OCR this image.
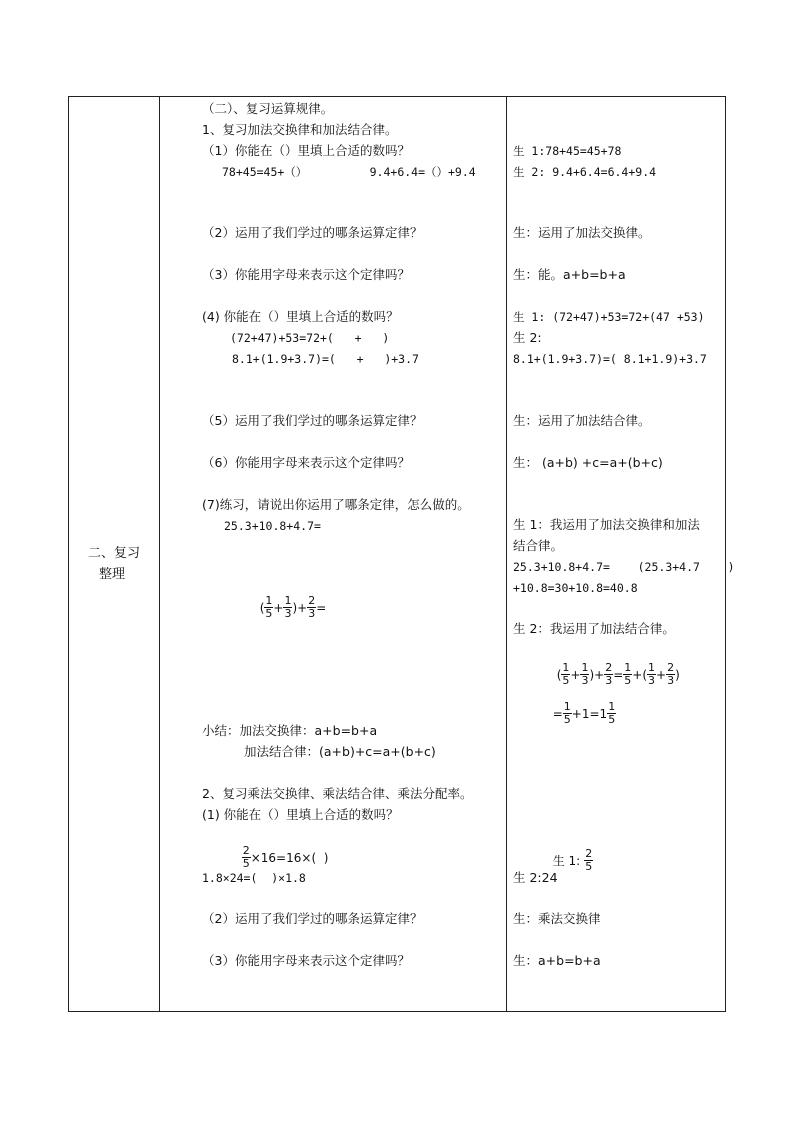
二、复习
整理

（二）、复习运算规律。
1、复习加法交换律和加法结合律。
（1）你能在（）里填上合适的数吗？
78+45=45+（）         9.4+6.4=（）+9.4
（2）运用了我们学过的哪条运算定律？
（3）你能用字母来表示这个定律吗？
(4) 你能在（）里填上合适的数吗？
(72+47)+53=72+(   +   )
8.1+(1.9+3.7)=(   +   )+3.7
（5）运用了我们学过的哪条运算定律？
（6）你能用字母来表示这个定律吗？
(7)练习，请说出你运用了哪条定律，怎么做的。
25.3+10.8+4.7=

( $\frac{1}{5} + \frac{1}{3}$ )+ $\frac{2}{3}$ =

小结：加法交换律：a+b=b+a
加法结合律：(a+b)+c=a+(b+c)
2、复习乘法交换律、乘法结合律、乘法分配率。
(1) 你能在（）里填上合适的数吗？

$\frac{2}{5} \times 16=16\times$(  )

1.8×24=(  )×1.8
（2）运用了我们学过的哪条运算定律？
（3）你能用字母来表示这个定律吗？

生 1:78+45=45+78
生 2: 9.4+6.4=6.4+9.4
生：运用了加法交换律。
生：能。a+b=b+a
生 1: (72+47)+53=72+(47 +53)
生 2:
8.1+(1.9+3.7)=( 8.1+1.9)+3.7
生：运用了加法结合律。
生： (a+b) +c=a+(b+c)
生 1：我运用了加法交换律和加法
结合律。
25.3+10.8+4.7=    (25.3+4.7    )
+10.8=30+10.8=40.8
生 2：我运用了加法结合律。

( $\frac{1}{5} + \frac{1}{3}$ )+ $\frac{2}{3} = \frac{1}{5}$ +( $\frac{1}{3} + \frac{2}{3}$ )

= $\frac{1}{5} +1=1 \frac{1}{5}$

生 1: $\frac{2}{5}$

生 2:24
生：乘法交换律
生：a+b=b+a
